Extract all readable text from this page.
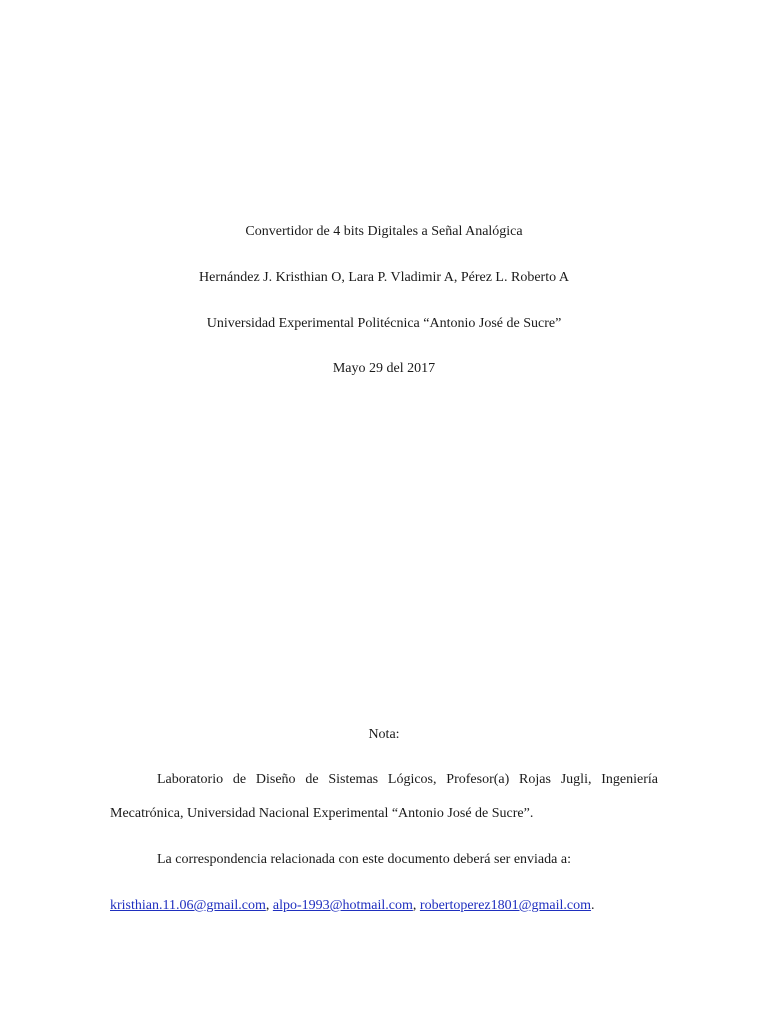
Convertidor de 4 bits Digitales a Señal Analógica
Hernández J. Kristhian O, Lara P. Vladimir A, Pérez L. Roberto A
Universidad Experimental Politécnica “Antonio José de Sucre”
Mayo 29 del 2017
Nota:
Laboratorio de Diseño de Sistemas Lógicos, Profesor(a) Rojas Jugli, Ingeniería
Mecatrónica, Universidad Nacional Experimental “Antonio José de Sucre”.
La correspondencia relacionada con este documento deberá ser enviada a:
kristhian.11.06@gmail.com, alpo-1993@hotmail.com, robertoperez1801@gmail.com.
